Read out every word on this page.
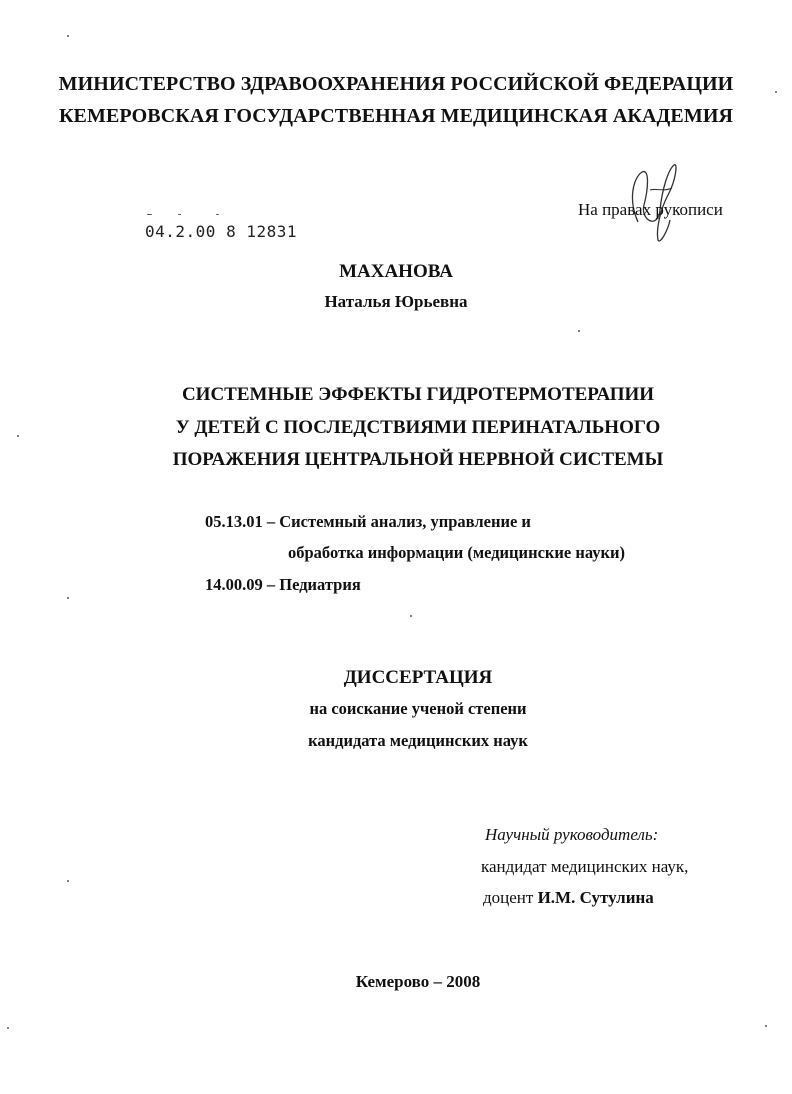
МИНИСТЕРСТВО ЗДРАВООХРАНЕНИЯ РОССИЙСКОЙ ФЕДЕРАЦИИ
КЕМЕРОВСКАЯ ГОСУДАРСТВЕННАЯ МЕДИЦИНСКАЯ АКАДЕМИЯ
На правах рукописи
04.2.00 8 12831
МАХАНОВА
Наталья Юрьевна
СИСТЕМНЫЕ ЭФФЕКТЫ ГИДРОТЕРМОТЕРАПИИ
У ДЕТЕЙ С ПОСЛЕДСТВИЯМИ ПЕРИНАТАЛЬНОГО
ПОРАЖЕНИЯ ЦЕНТРАЛЬНОЙ НЕРВНОЙ СИСТЕМЫ
05.13.01 – Системный анализ, управление и
обработка информации (медицинские науки)
14.00.09 – Педиатрия
ДИССЕРТАЦИЯ
на соискание ученой степени
кандидата медицинских наук
Научный руководитель:
кандидат медицинских наук,
доцент И.М. Сутулина
Кемерово – 2008
